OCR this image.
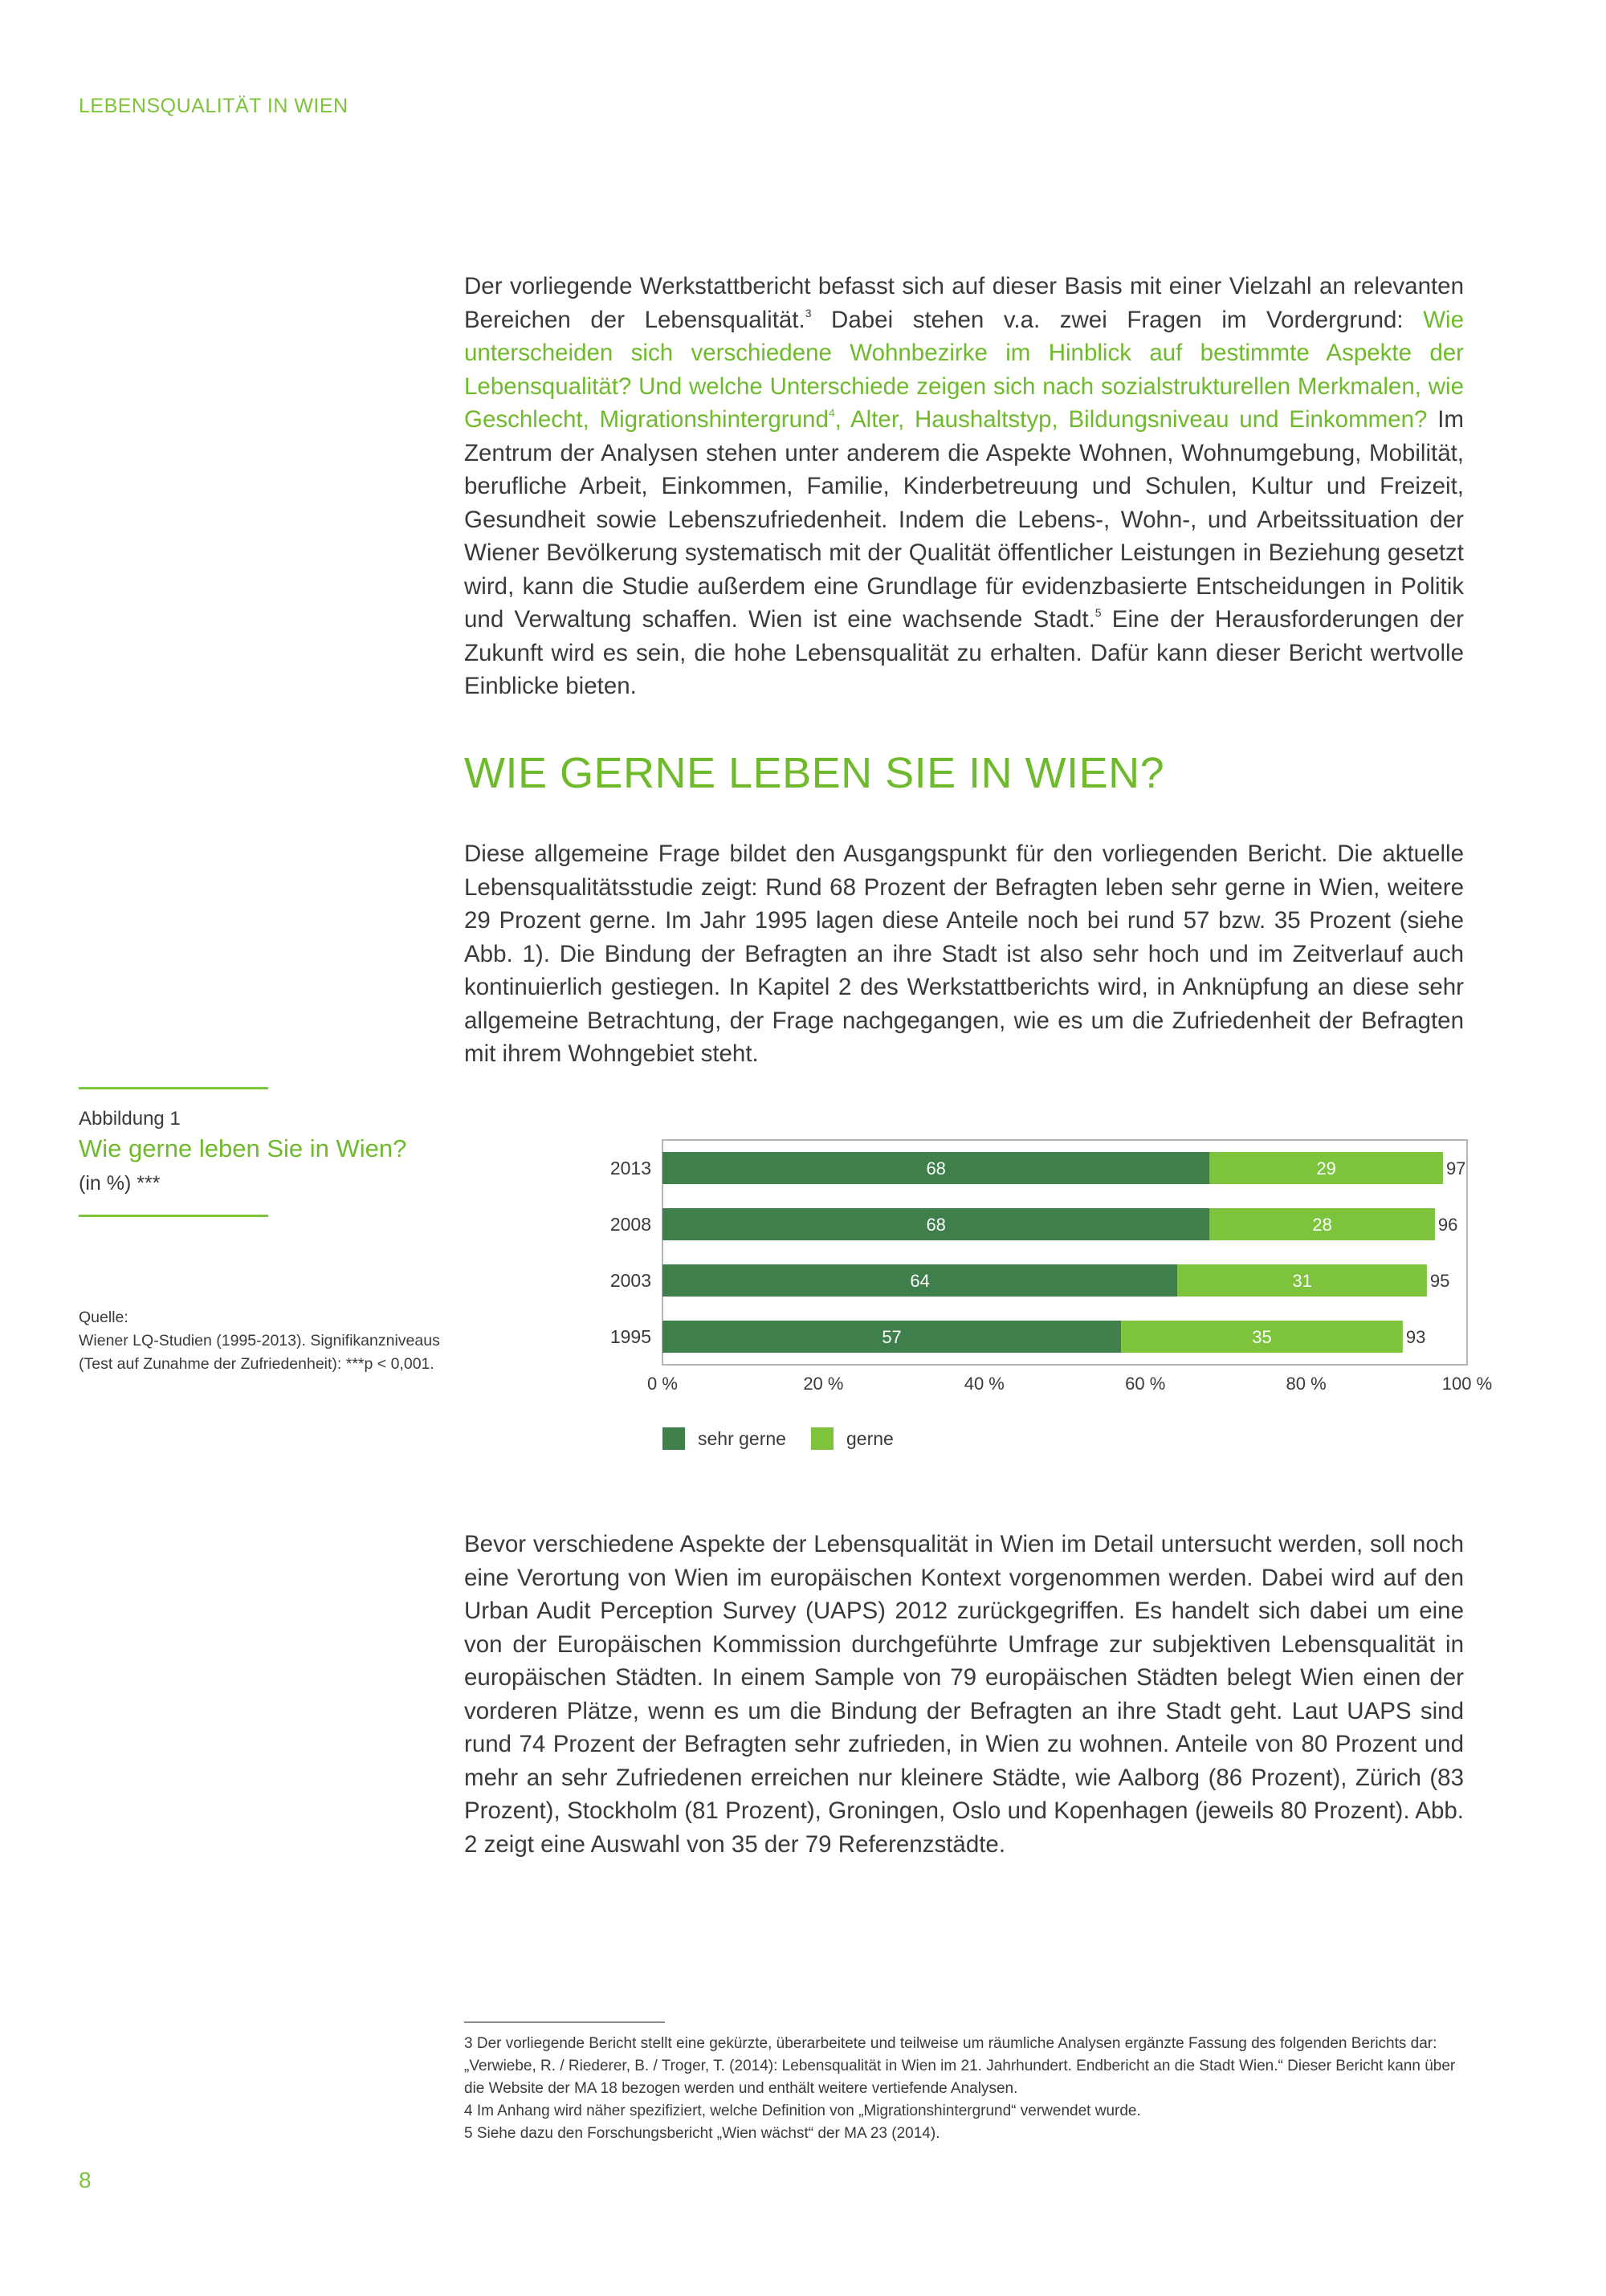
LEBENSQUALITÄT IN WIEN
Der vorliegende Werkstattbericht befasst sich auf dieser Basis mit einer Vielzahl an relevanten Bereichen der Lebensqualität.$^3$ Dabei stehen v.a. zwei Fragen im Vordergrund: Wie unterscheiden sich verschiedene Wohnbezirke im Hinblick auf bestimmte Aspekte der Lebensqualität? Und welche Unterschiede zeigen sich nach sozialstrukturellen Merkmalen, wie Geschlecht, Migrationshintergrund$^4$, Alter, Haushaltstyp, Bildungsniveau und Einkommen? Im Zentrum der Analysen stehen unter anderem die Aspekte Wohnen, Wohnumgebung, Mobilität, berufliche Arbeit, Einkommen, Familie, Kinderbetreuung und Schulen, Kultur und Freizeit, Gesundheit sowie Lebenszufriedenheit. Indem die Lebens-, Wohn-, und Arbeitssituation der Wiener Bevölkerung systematisch mit der Qualität öffentlicher Leistungen in Beziehung gesetzt wird, kann die Studie außerdem eine Grundlage für evidenzbasierte Entscheidungen in Politik und Verwaltung schaffen. Wien ist eine wachsende Stadt.$^5$ Eine der Herausforderungen der Zukunft wird es sein, die hohe Lebensqualität zu erhalten. Dafür kann dieser Bericht wertvolle Einblicke bieten.
WIE GERNE LEBEN SIE IN WIEN?

Diese allgemeine Frage bildet den Ausgangspunkt für den vorliegenden Bericht. Die aktuelle Lebensqualitätsstudie zeigt: Rund 68 Prozent der Befragten leben sehr gerne in Wien, weitere 29 Prozent gerne. Im Jahr 1995 lagen diese Anteile noch bei rund 57 bzw. 35 Prozent (siehe Abb. 1). Die Bindung der Befragten an ihre Stadt ist also sehr hoch und im Zeitverlauf auch kontinuierlich gestiegen. In Kapitel 2 des Werkstattberichts wird, in Anknüpfung an diese sehr allgemeine Betrachtung, der Frage nachgegangen, wie es um die Zufriedenheit der Befragten mit ihrem Wohngebiet steht.

Abbildung 1
Wie gerne leben Sie in Wien?
(in %) ***
Quelle:
Wiener LQ-Studien (1995-2013). Signifikanzniveaus (Test auf Zunahme der Zufriedenheit): ***p < 0,001.
68	29	97
2013
68	28	96
2008
64	31	95
2003
57	35	93
1995
0 %	20 %	40 %	60 %	80 %	100 %
sehr gerne	gerne

Bevor verschiedene Aspekte der Lebensqualität in Wien im Detail untersucht werden, soll noch eine Verortung von Wien im europäischen Kontext vorgenommen werden. Dabei wird auf den Urban Audit Perception Survey (UAPS) 2012 zurückgegriffen. Es handelt sich dabei um eine von der Europäischen Kommission durchgeführte Umfrage zur subjektiven Lebensqualität in europäischen Städten. In einem Sample von 79 europäischen Städten belegt Wien einen der vorderen Plätze, wenn es um die Bindung der Befragten an ihre Stadt geht. Laut UAPS sind rund 74 Prozent der Befragten sehr zufrieden, in Wien zu wohnen. Anteile von 80 Prozent und mehr an sehr Zufriedenen erreichen nur kleinere Städte, wie Aalborg (86 Prozent), Zürich (83 Prozent), Stockholm (81 Prozent), Groningen, Oslo und Kopenhagen (jeweils 80 Prozent). Abb. 2 zeigt eine Auswahl von 35 der 79 Referenzstädte.

3 Der vorliegende Bericht stellt eine gekürzte, überarbeitete und teilweise um räumliche Analysen ergänzte Fassung des folgenden Berichts dar: „Verwiebe, R. / Riederer, B. / Troger, T. (2014): Lebensqualität in Wien im 21. Jahrhundert. Endbericht an die Stadt Wien.“ Dieser Bericht kann über die Website der MA 18 bezogen werden und enthält weitere vertiefende Analysen.

4 Im Anhang wird näher spezifiziert, welche Definition von „Migrationshintergrund“ verwendet wurde.

5 Siehe dazu den Forschungsbericht „Wien wächst“ der MA 23 (2014).

8
